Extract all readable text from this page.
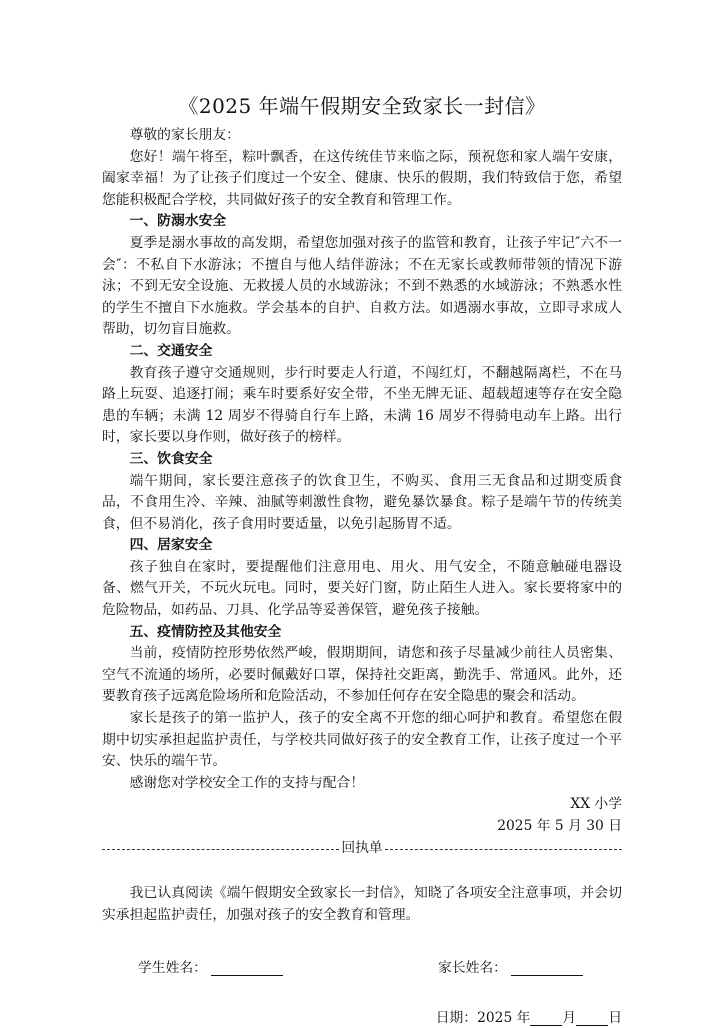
《2025 年端午假期安全致家长一封信》
尊敬的家长朋友：

您好！端午将至，粽叶飘香，在这传统佳节来临之际，预祝您和家人端午安康，阖家幸福！为了让孩子们度过一个安全、健康、快乐的假期，我们特致信于您，希望您能积极配合学校，共同做好孩子的安全教育和管理工作。

一、防溺水安全

夏季是溺水事故的高发期，希望您加强对孩子的监管和教育，让孩子牢记″六不一会″：不私自下水游泳；不擅自与他人结伴游泳；不在无家长或教师带领的情况下游泳；不到无安全设施、无救援人员的水域游泳；不到不熟悉的水域游泳；不熟悉水性的学生不擅自下水施救。学会基本的自护、自救方法。如遇溺水事故，立即寻求成人帮助，切勿盲目施救。

二、交通安全

教育孩子遵守交通规则，步行时要走人行道，不闯红灯，不翻越隔离栏，不在马路上玩耍、追逐打闹；乘车时要系好安全带，不坐无牌无证、超载超速等存在安全隐患的车辆；未满 12 周岁不得骑自行车上路，未满 16 周岁不得骑电动车上路。出行时，家长要以身作则，做好孩子的榜样。

三、饮食安全

端午期间，家长要注意孩子的饮食卫生，不购买、食用三无食品和过期变质食品，不食用生冷、辛辣、油腻等刺激性食物，避免暴饮暴食。粽子是端午节的传统美食，但不易消化，孩子食用时要适量，以免引起肠胃不适。

四、居家安全

孩子独自在家时，要提醒他们注意用电、用火、用气安全，不随意触碰电器设备、燃气开关，不玩火玩电。同时，要关好门窗，防止陌生人进入。家长要将家中的危险物品，如药品、刀具、化学品等妥善保管，避免孩子接触。

五、疫情防控及其他安全

当前，疫情防控形势依然严峻，假期期间，请您和孩子尽量减少前往人员密集、空气不流通的场所，必要时佩戴好口罩，保持社交距离，勤洗手、常通风。此外，还要教育孩子远离危险场所和危险活动，不参加任何存在安全隐患的聚会和活动。

家长是孩子的第一监护人，孩子的安全离不开您的细心呵护和教育。希望您在假期中切实承担起监护责任，与学校共同做好孩子的安全教育工作，让孩子度过一个平安、快乐的端午节。

感谢您对学校安全工作的支持与配合！

XX 小学
2025 年 5 月 30 日
回执单

我已认真阅读《端午假期安全致家长一封信》，知晓了各项安全注意事项，并会切实承担起监护责任，加强对孩子的安全教育和管理。

学生姓名：	家长姓名：
日期：2025 年 月 日
